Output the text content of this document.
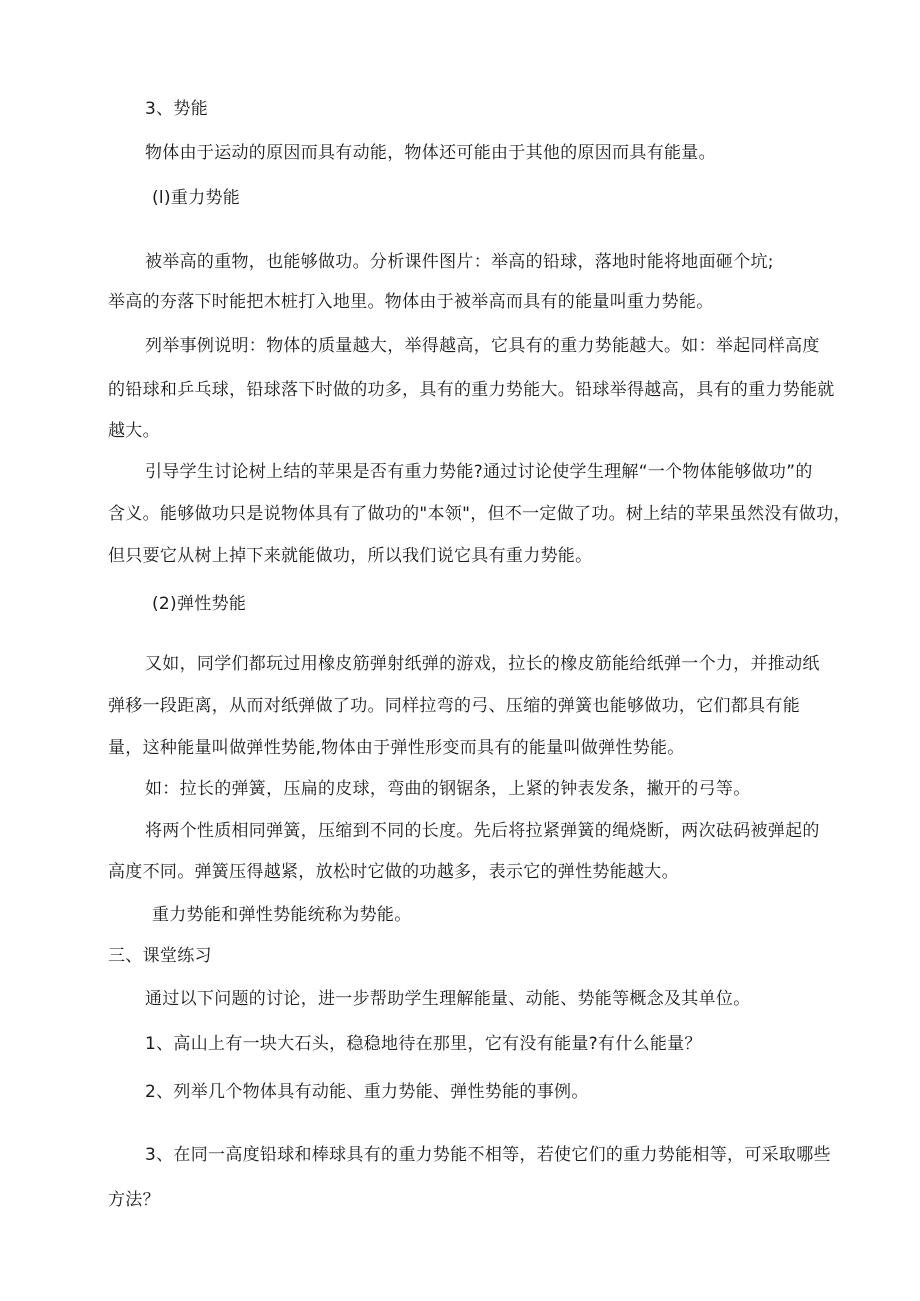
3、势能
物体由于运动的原因而具有动能，物体还可能由于其他的原因而具有能量。
(l)重力势能
被举高的重物，也能够做功。分析课件图片：举高的铅球，落地时能将地面砸个坑;
举高的夯落下时能把木桩打入地里。物体由于被举高而具有的能量叫重力势能。
列举事例说明：物体的质量越大，举得越高，它具有的重力势能越大。如：举起同样高度
的铅球和乒乓球，铅球落下时做的功多，具有的重力势能大。铅球举得越高，具有的重力势能就
越大。
引导学生讨论树上结的苹果是否有重力势能?通过讨论使学生理解“一个物体能够做功”的
含义。能够做功只是说物体具有了做功的"本领"，但不一定做了功。树上结的苹果虽然没有做功，
但只要它从树上掉下来就能做功，所以我们说它具有重力势能。
(2)弹性势能
又如，同学们都玩过用橡皮筋弹射纸弹的游戏，拉长的橡皮筋能给纸弹一个力，并推动纸
弹移一段距离，从而对纸弹做了功。同样拉弯的弓、压缩的弹簧也能够做功，它们都具有能
量，这种能量叫做弹性势能,物体由于弹性形变而具有的能量叫做弹性势能。
如：拉长的弹簧，压扁的皮球，弯曲的钢锯条，上紧的钟表发条，撇开的弓等。
将两个性质相同弹簧，压缩到不同的长度。先后将拉紧弹簧的绳烧断，两次砝码被弹起的
高度不同。弹簧压得越紧，放松时它做的功越多，表示它的弹性势能越大。
重力势能和弹性势能统称为势能。
三、课堂练习
通过以下问题的讨论，进一步帮助学生理解能量、动能、势能等概念及其单位。
1、高山上有一块大石头，稳稳地待在那里，它有没有能量?有什么能量？
2、列举几个物体具有动能、重力势能、弹性势能的事例。
3、在同一高度铅球和棒球具有的重力势能不相等，若使它们的重力势能相等，可采取哪些
方法？
